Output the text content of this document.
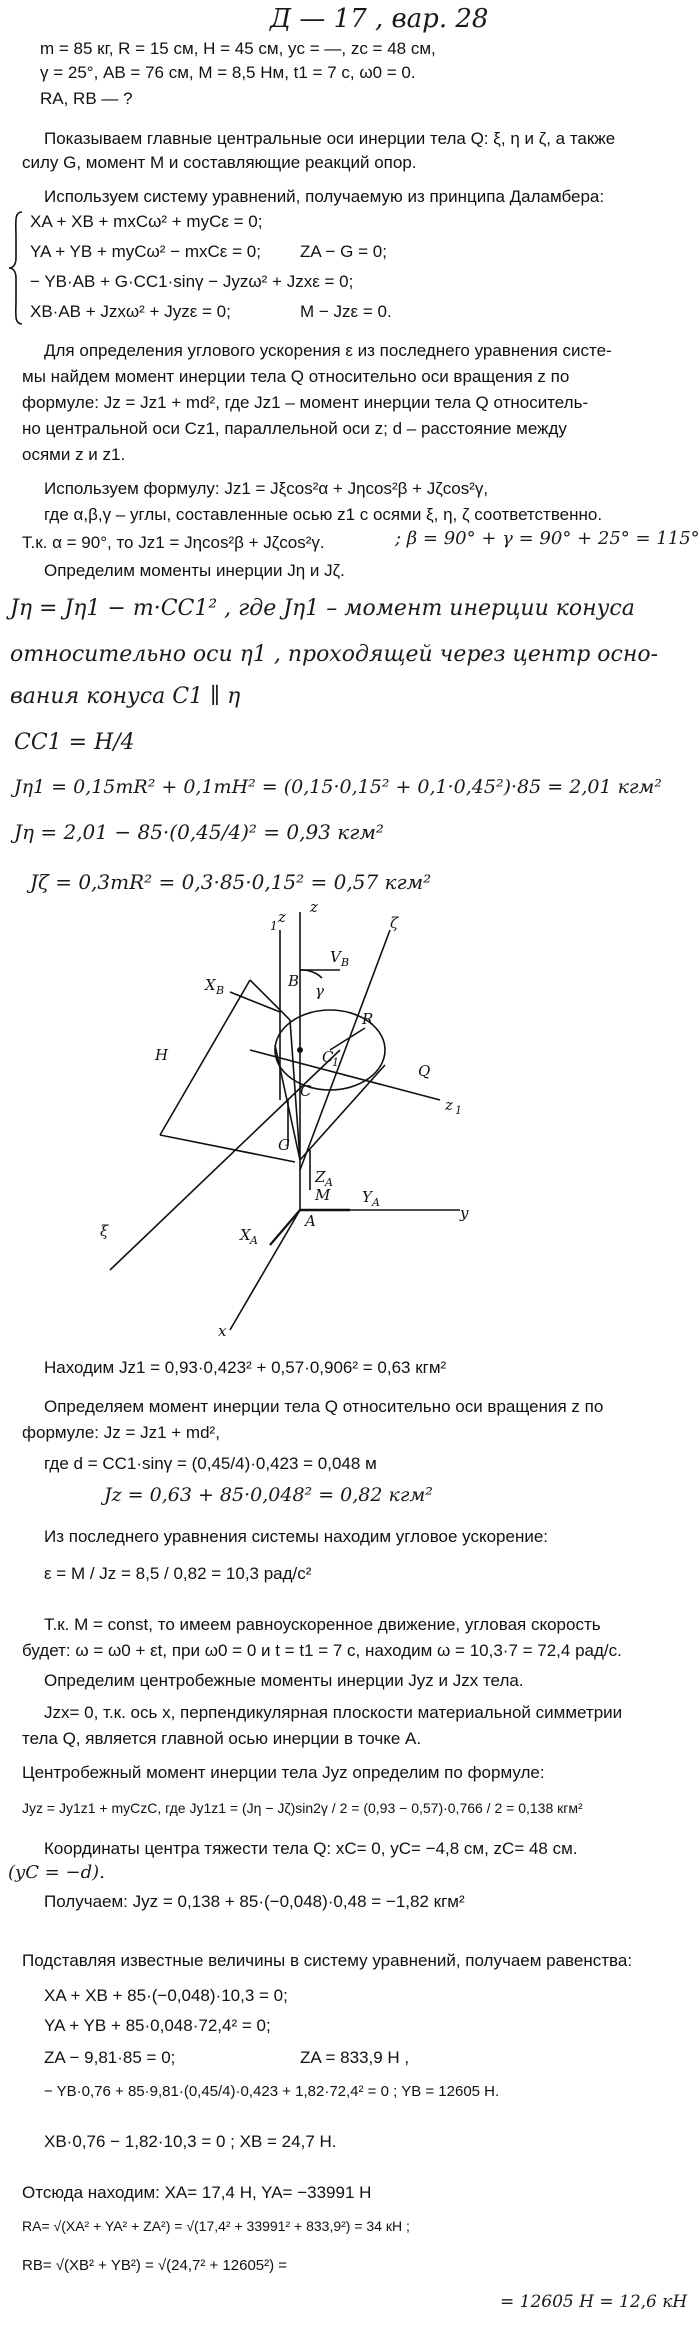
Д — 17 , вар. 28
m = 85 кг, R = 15 см, H = 45 см, yc = —, zc = 48 см,
γ = 25°, AB = 76 см, M = 8,5 Нм, t1 = 7 с, ω0 = 0.
RA, RB — ?
Показываем главные центральные оси инерции тела Q: ξ, η и ζ, а также
силу G, момент M и составляющие реакций опор.
Используем систему уравнений, получаемую из принципа Даламбера:
XA + XB + mxCω² + myCε = 0;
YA + YB + myCω² − mxCε = 0; ZA − G = 0;
− YB·AB + G·CC1·sinγ − Jyzω² + Jzxε = 0;
XB·AB + Jzxω² + Jyzε = 0;	M − Jzε = 0.
Для определения углового ускорения ε из последнего уравнения систе-
мы найдем момент инерции тела Q относительно оси вращения z по
формуле: Jz = Jz1 + md², где Jz1 – момент инерции тела Q относитель-
но центральной оси Cz1, параллельной оси z; d – расстояние между
осями z и z1.
Используем формулу: Jz1 = Jξcos²α + Jηcos²β + Jζcos²γ,
где α,β,γ – углы, составленные осью z1 с осями ξ, η, ζ соответственно.
Т.к. α = 90°, то Jz1 = Jηcos²β + Jζcos²γ.	; β = 90° + γ = 90° + 25° = 115°
Определим моменты инерции Jη и Jζ.
Jη = Jη1 − m·CC1² , где Jη1 – момент инерции конуса
относительно оси η1 , проходящей через центр осно-
вания конуса C1 ∥ η
CC1 = H/4
Jη1 = 0,15mR² + 0,1mH² = (0,15·0,15² + 0,1·0,45²)·85 = 2,01 кгм²
Jη = 2,01 − 85·(0,45/4)² = 0,93 кгм²
Jζ = 0,3mR² = 0,3·85·0,15² = 0,57 кгм²
z
1
z
V B
ζ
γ
X B
B
H
R
C
C
1	Q
z 1
ξ
G
Z A
M Y A
y
X A
A
x
Находим Jz1 = 0,93·0,423² + 0,57·0,906² = 0,63 кгм²
Определяем момент инерции тела Q относительно оси вращения z по
формуле: Jz = Jz1 + md²,
где d = CC1·sinγ = (0,45/4)·0,423 = 0,048 м
Jz = 0,63 + 85·0,048² = 0,82 кгм²
Из последнего уравнения системы находим угловое ускорение:
ε = M / Jz = 8,5 / 0,82 = 10,3 рад/с²
Т.к. M = const, то имеем равноускоренное движение, угловая скорость
будет: ω = ω0 + εt, при ω0 = 0 и t = t1 = 7 с, находим ω = 10,3·7 = 72,4 рад/с.
Определим центробежные моменты инерции Jyz и Jzx тела.
Jzx= 0, т.к. ось x, перпендикулярная плоскости материальной симметрии
тела Q, является главной осью инерции в точке A.
Центробежный момент инерции тела Jyz определим по формуле:
Jyz = Jy1z1 + myCzC, где Jy1z1 = (Jη − Jζ)sin2γ / 2 = (0,93 − 0,57)·0,766 / 2 = 0,138 кгм²
Координаты центра тяжести тела Q: xC= 0, yC= −4,8 см, zC= 48 см.
(yC = −d).
Получаем: Jyz = 0,138 + 85·(−0,048)·0,48 = −1,82 кгм²
Подставляя известные величины в систему уравнений, получаем равенства:
XA + XB + 85·(−0,048)·10,3 = 0;
YA + YB + 85·0,048·72,4² = 0;
ZA − 9,81·85 = 0;	ZA = 833,9 H ,
− YB·0,76 + 85·9,81·(0,45/4)·0,423 + 1,82·72,4² = 0 ; YB = 12605 H.
XB·0,76 − 1,82·10,3 = 0 ; XB = 24,7 H.
Отсюда находим: XA= 17,4 H, YA= −33991 H
RA= √(XA² + YA² + ZA²) = √(17,4² + 33991² + 833,9²) = 34 кН ;
RB= √(XB² + YB²) = √(24,7² + 12605²) =
= 12605 H = 12,6 кН
